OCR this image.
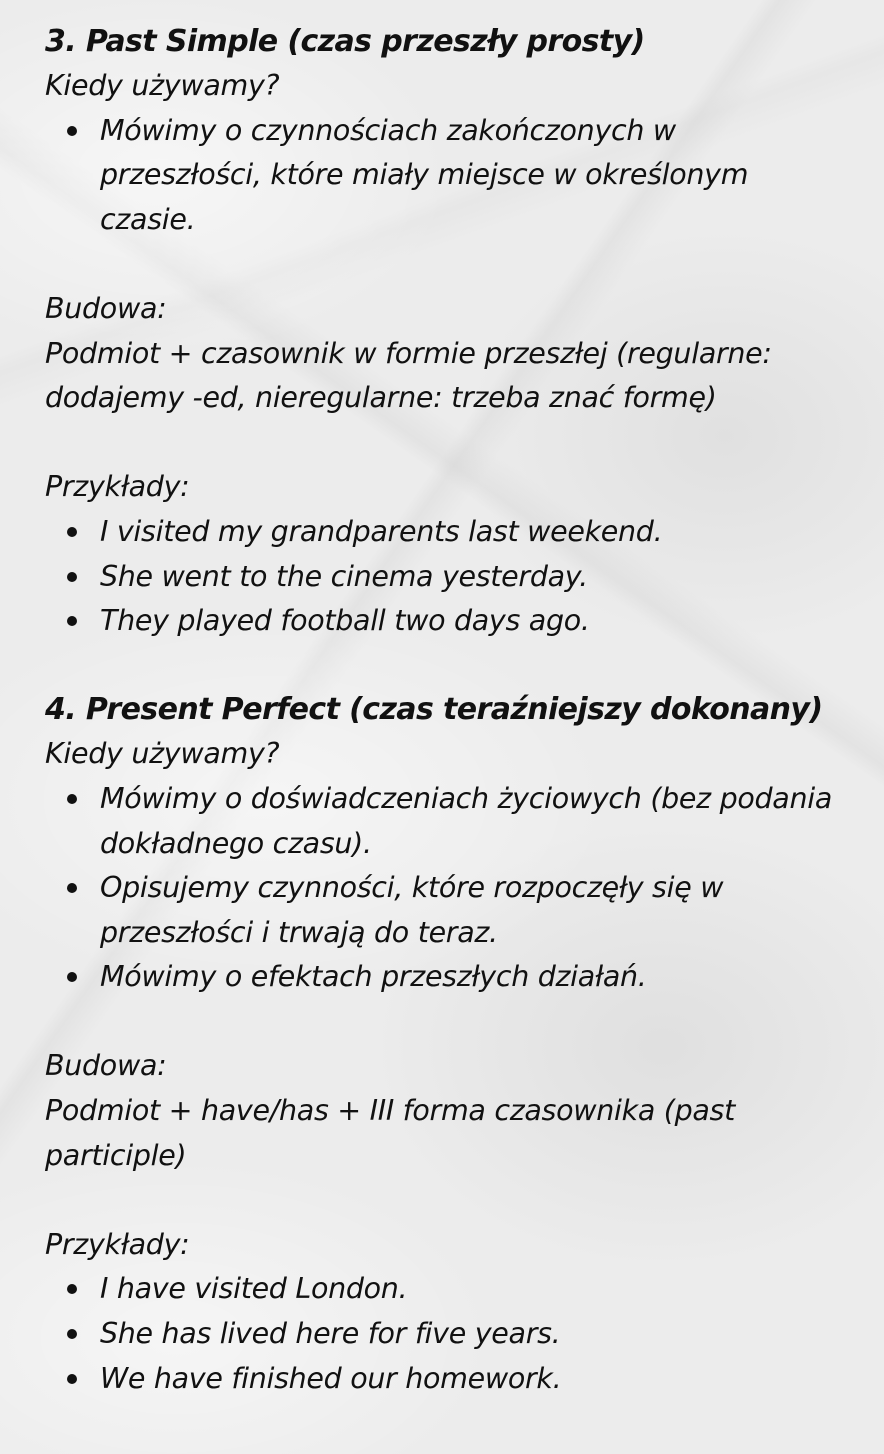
3. Past Simple (czas przeszły prosty)

Kiedy używamy?

Mówimy o czynnościach zakończonych w przeszłości, które miały miejsce w określonym czasie.

Budowa:

Podmiot + czasownik w formie przeszłej (regularne:

dodajemy -ed, nieregularne: trzeba znać formę)

Przykłady:

I visited my grandparents last weekend.
She went to the cinema yesterday.
They played football two days ago.
4. Present Perfect (czas teraźniejszy dokonany)

Kiedy używamy?

Mówimy o doświadczeniach życiowych (bez podania dokładnego czasu).
Opisujemy czynności, które rozpoczęły się w przeszłości i trwają do teraz.
Mówimy o efektach przeszłych działań.

Budowa:

Podmiot + have/has + III forma czasownika (past

participle)

Przykłady:

I have visited London.
She has lived here for five years.
We have finished our homework.
